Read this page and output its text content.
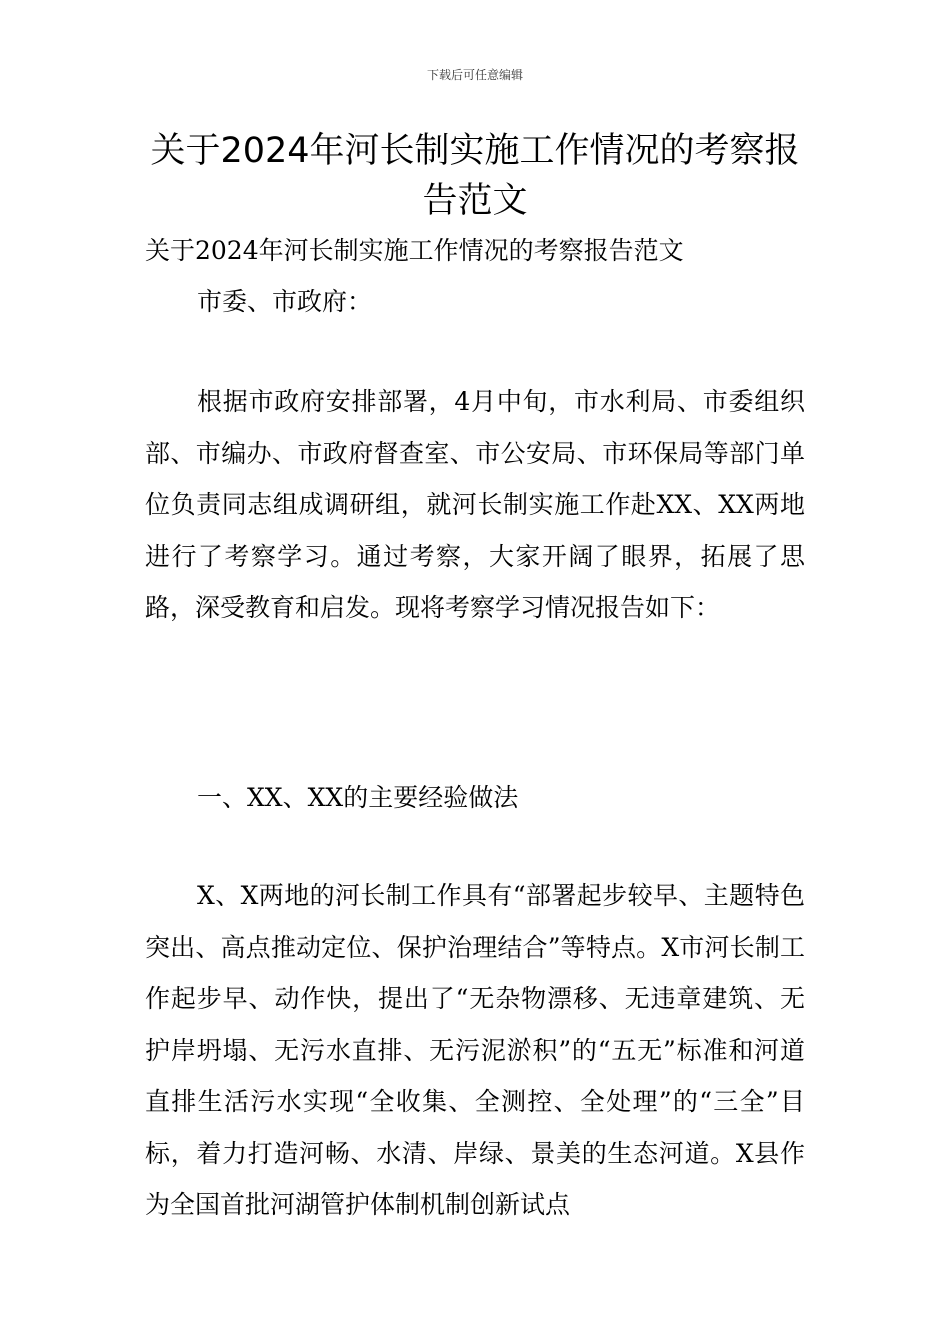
下载后可任意编辑
关于2024年河长制实施工作情况的考察报告范文

关于2024年河长制实施工作情况的考察报告范文

市委、市政府：

根据市政府安排部署，4月中旬，市水利局、市委组织部、市编办、市政府督查室、市公安局、市环保局等部门单位负责同志组成调研组，就河长制实施工作赴XX、XX两地进行了考察学习。通过考察，大家开阔了眼界，拓展了思路，深受教育和启发。现将考察学习情况报告如下：

一、XX、XX的主要经验做法

X、X两地的河长制工作具有“部署起步较早、主题特色突出、高点推动定位、保护治理结合”等特点。X市河长制工作起步早、动作快，提出了“无杂物漂移、无违章建筑、无护岸坍塌、无污水直排、无污泥淤积”的“五无”标准和河道直排生活污水实现“全收集、全测控、全处理”的“三全”目标，着力打造河畅、水清、岸绿、景美的生态河道。X县作为全国首批河湖管护体制机制创新试点
